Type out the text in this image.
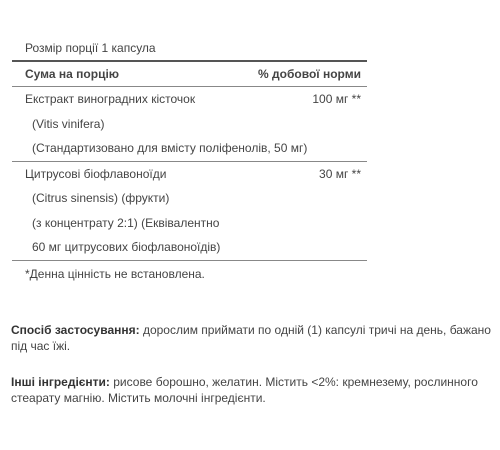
Розмір порції 1 капсула
Сума на порцію	% добової норми
Екстракт виноградних кісточок	100 мг **
(Vitis vinifera)
(Стандартизовано для вмісту поліфенолів, 50 мг)
Цитрусові біофлавоноїди	30 мг **
(Citrus sinensis) (фрукти)
(з концентрату 2:1) (Еквівалентно
60 мг цитрусових біофлавоноїдів)
*Денна цінність не встановлена.

Спосіб застосування: дорослим приймати по одній (1) капсулі тричі на день, бажано під час їжі.

Інші інгредієнти: рисове борошно, желатин. Містить <2%: кремнезему, рослинного стеарату магнію. Містить молочні інгредієнти.
